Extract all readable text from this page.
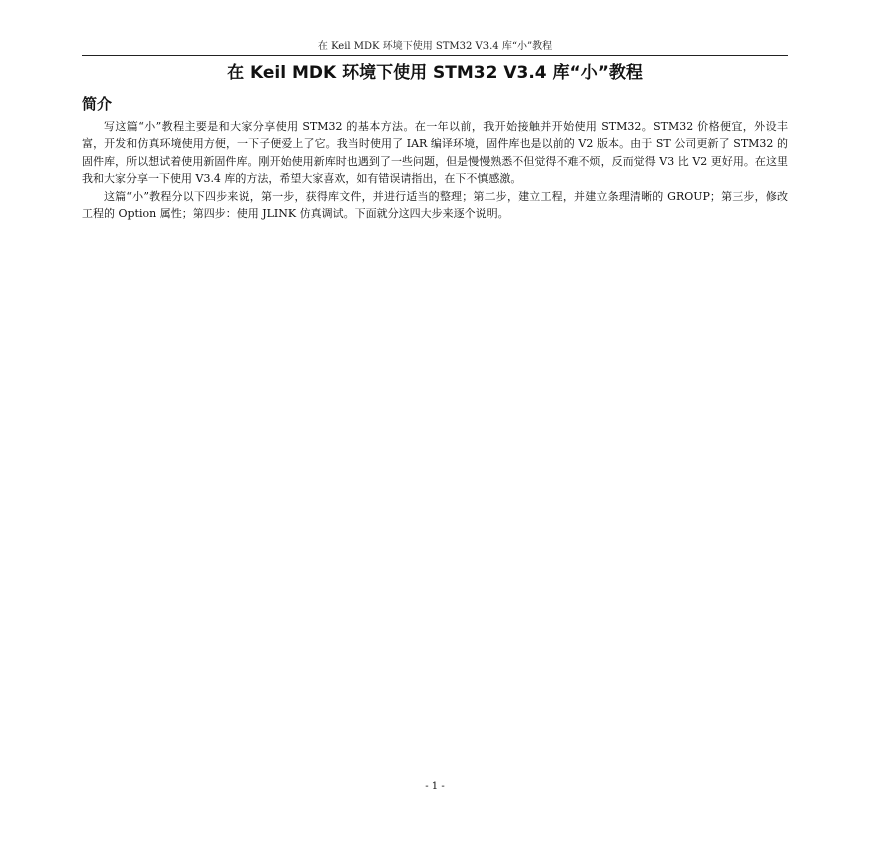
在 Keil MDK 环境下使用 STM32 V3.4 库“小”教程
在 Keil MDK 环境下使用 STM32 V3.4 库“小”教程
简介

写这篇“小”教程主要是和大家分享使用 STM32 的基本方法。在一年以前，我开始接触并开始使用 STM32。STM32 价格便宜，外设丰富，开发和仿真环境使用方便，一下子便爱上了它。我当时使用了 IAR 编译环境，固件库也是以前的 V2 版本。由于 ST 公司更新了 STM32 的固件库，所以想试着使用新固件库。刚开始使用新库时也遇到了一些问题，但是慢慢熟悉不但觉得不难不烦，反而觉得 V3 比 V2 更好用。在这里我和大家分享一下使用 V3.4 库的方法，希望大家喜欢，如有错误请指出，在下不慎感激。

这篇“小”教程分以下四步来说，第一步，获得库文件，并进行适当的整理；第二步，建立工程，并建立条理清晰的 GROUP；第三步，修改工程的 Option 属性；第四步：使用 JLINK 仿真调试。下面就分这四大步来逐个说明。

- 1 -
